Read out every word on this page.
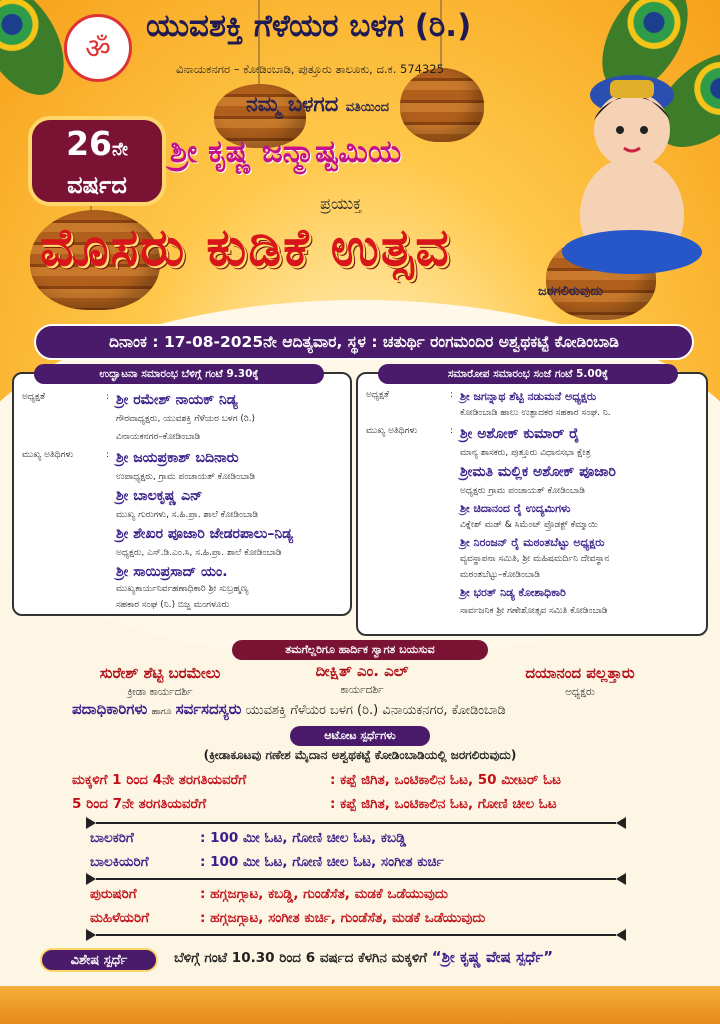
ॐ
ಯುವಶಕ್ತಿ ಗೆಳೆಯರ ಬಳಗ (ರಿ.)
ವಿನಾಯಕನಗರ – ಕೋಡಿಂಬಾಡಿ, ಪುತ್ತೂರು ತಾಲೂಕು, ದ.ಕ. 574325
ನಮ್ಮ ಬಳಗದ ವತಿಯಿಂದ
26ನೇ
ವರ್ಷದ
ಶ್ರೀ ಕೃಷ್ಣ ಜನ್ಮಾಷ್ಟಮಿಯ
ಪ್ರಯುಕ್ತ
ಮೊಸರು ಕುಡಿಕೆ ಉತ್ಸವ
ಜರಗಲಿರುವುದು
ದಿನಾಂಕ : 17-08-2025ನೇ ಆದಿತ್ಯವಾರ, ಸ್ಥಳ : ಚತುರ್ಥಿ ರಂಗಮಂದಿರ ಅಶ್ವಥಕಟ್ಟೆ ಕೋಡಿಂಬಾಡಿ
ಉದ್ಘಾಟನಾ ಸಮಾರಂಭ ಬೆಳಿಗ್ಗೆ ಗಂಟೆ 9.30ಕ್ಕೆ
ಅಧ್ಯಕ್ಷತೆ	: ಶ್ರೀ ರಮೇಶ್ ನಾಯಕ್ ನಿಡ್ಯ
ಗೌರವಾಧ್ಯಕ್ಷರು, ಯುವಶಕ್ತಿ ಗೆಳೆಯರ ಬಳಗ (ರಿ.)
ವಿನಾಯಕನಗರ–ಕೋಡಿಂಬಾಡಿ
ಮುಖ್ಯ ಅತಿಥಿಗಳು	: ಶ್ರೀ ಜಯಪ್ರಕಾಶ್ ಬದಿನಾರು
ಉಪಾಧ್ಯಕ್ಷರು, ಗ್ರಾಮ ಪಂಚಾಯತ್ ಕೋಡಿಂಬಾಡಿ
ಶ್ರೀ ಬಾಲಕೃಷ್ಣ ಎನ್
ಮುಖ್ಯ ಗುರುಗಳು, ಸ.ಹಿ.ಪ್ರಾ. ಶಾಲೆ ಕೋಡಿಂಬಾಡಿ
ಶ್ರೀ ಶೇಖರ ಪೂಜಾರಿ ಜೇಡರಪಾಲು–ನಿಡ್ಯ
ಅಧ್ಯಕ್ಷರು, ಎಸ್.ಡಿ.ಎಂ.ಸಿ, ಸ.ಹಿ.ಪ್ರಾ. ಶಾಲೆ ಕೋಡಿಂಬಾಡಿ
ಶ್ರೀ ಸಾಯಿಪ್ರಸಾದ್ ಯಂ.
ಮುಖ್ಯಕಾರ್ಯನಿರ್ವಹಣಾಧಿಕಾರಿ ಶ್ರೀ ಸುಬ್ರಹ್ಮಣ್ಯ
ಸಹಕಾರ ಸಂಘ (ನಿ.) ಬಿಜ್ಜ ಮಂಗಳೂರು
ಸಮಾರೋಪ ಸಮಾರಂಭ ಸಂಜೆ ಗಂಟೆ 5.00ಕ್ಕೆ
ಅಧ್ಯಕ್ಷತೆ	: ಶ್ರೀ ಜಗನ್ನಾಥ ಶೆಟ್ಟಿ ನಡುಮನೆ ಅಧ್ಯಕ್ಷರು
ಕೋಡಿಂಬಾಡಿ ಹಾಲು ಉತ್ಪಾದಕರ ಸಹಕಾರ ಸಂಘ. ನಿ.
ಮುಖ್ಯ ಅತಿಥಿಗಳು	: ಶ್ರೀ ಅಶೋಕ್ ಕುಮಾರ್ ರೈ
ಮಾನ್ಯ ಶಾಸಕರು, ಪುತ್ತೂರು ವಿಧಾನಸಭಾ ಕ್ಷೇತ್ರ
ಶ್ರೀಮತಿ ಮಲ್ಲಿಕ ಅಶೋಕ್ ಪೂಜಾರಿ
ಅಧ್ಯಕ್ಷರು ಗ್ರಾಮ ಪಂಚಾಯತ್ ಕೋಡಿಂಬಾಡಿ
ಶ್ರೀ ಚಿದಾನಂದ ರೈ ಉದ್ಯಮಿಗಳು
ವಿಕ್ನೇಶ್ ಮಡ್ & ಸಿಮೆಂಟ್ ಪ್ರೊಡಕ್ಟ್ ಕೆಮ್ಮಾಯಿ
ಶ್ರೀ ನಿರಂಜನ್ ರೈ ಮಠಂತಬೆಟ್ಟು ಅಧ್ಯಕ್ಷರು
ವ್ಯವಸ್ಥಾಪನಾ ಸಮಿತಿ, ಶ್ರೀ ಮಹಿಷಮರ್ದಿನಿ ದೇವಸ್ಥಾನ
ಮಠಂತಬೆಟ್ಟು–ಕೋಡಿಂಬಾಡಿ
ಶ್ರೀ ಭರತ್ ನಿಡ್ಯ ಕೋಶಾಧಿಕಾರಿ
ಸಾರ್ವಜನಿಕ ಶ್ರೀ ಗಣೇಶೋತ್ಸವ ಸಮಿತಿ ಕೋಡಿಂಬಾಡಿ
ತಮಗೆಲ್ಲರಿಗೂ ಹಾರ್ದಿಕ ಸ್ವಾಗತ ಬಯಸುವ
ಸುರೇಶ್ ಶೆಟ್ಟಿ ಬರಮೇಲು
ಕ್ರೀಡಾ ಕಾರ್ಯದರ್ಶಿ
ದೀಕ್ಷಿತ್ ಎಂ. ಎಲ್
ಕಾರ್ಯದರ್ಶಿ
ದಯಾನಂದ ಪಲ್ಲತ್ತಾರು
ಅಧ್ಯಕ್ಷರು
ಪದಾಧಿಕಾರಿಗಳು ಹಾಗೂ ಸರ್ವಸದಸ್ಯರು ಯುವಶಕ್ತಿ ಗೆಳೆಯರ ಬಳಗ (ರಿ.) ವಿನಾಯಕನಗರ, ಕೋಡಿಂಬಾಡಿ
ಆಟೋಟ ಸ್ಪರ್ಧೆಗಳು
(ಕ್ರೀಡಾಕೂಟವು ಗಣೇಶ ಮೈದಾನ ಅಶ್ವಥಕಟ್ಟೆ ಕೋಡಿಂಬಾಡಿಯಲ್ಲಿ ಜರಗಲಿರುವುದು)
ಮಕ್ಕಳಿಗೆ 1 ರಿಂದ 4ನೇ ತರಗತಿಯವರೆಗೆ	: ಕಪ್ಪೆ ಜಿಗಿತ, ಒಂಟಿಕಾಲಿನ ಓಟ, 50 ಮೀಟರ್ ಓಟ
5 ರಿಂದ 7ನೇ ತರಗತಿಯವರೆಗೆ	: ಕಪ್ಪೆ ಜಿಗಿತ, ಒಂಟಿಕಾಲಿನ ಓಟ, ಗೋಣಿ ಚೀಲ ಓಟ
ಬಾಲಕರಿಗೆ	: 100 ಮೀ ಓಟ, ಗೋಣಿ ಚೀಲ ಓಟ, ಕಬಡ್ಡಿ
ಬಾಲಕಿಯರಿಗೆ	: 100 ಮೀ ಓಟ, ಗೋಣಿ ಚೀಲ ಓಟ, ಸಂಗೀತ ಕುರ್ಚಿ
ಪುರುಷರಿಗೆ	: ಹಗ್ಗಜಗ್ಗಾಟ, ಕಬಡ್ಡಿ, ಗುಂಡೆಸೆತ, ಮಡಕೆ ಒಡೆಯುವುದು
ಮಹಿಳೆಯರಿಗೆ	: ಹಗ್ಗಜಗ್ಗಾಟ, ಸಂಗೀತ ಕುರ್ಚಿ, ಗುಂಡೆಸೆತ, ಮಡಕೆ ಒಡೆಯುವುದು
ವಿಶೇಷ ಸ್ಪರ್ಧೆ	ಬೆಳಿಗ್ಗೆ ಗಂಟೆ 10.30 ರಿಂದ 6 ವರ್ಷದ ಕೆಳಗಿನ ಮಕ್ಕಳಿಗೆ “ಶ್ರೀ ಕೃಷ್ಣ ವೇಷ ಸ್ಪರ್ಧೆ”
